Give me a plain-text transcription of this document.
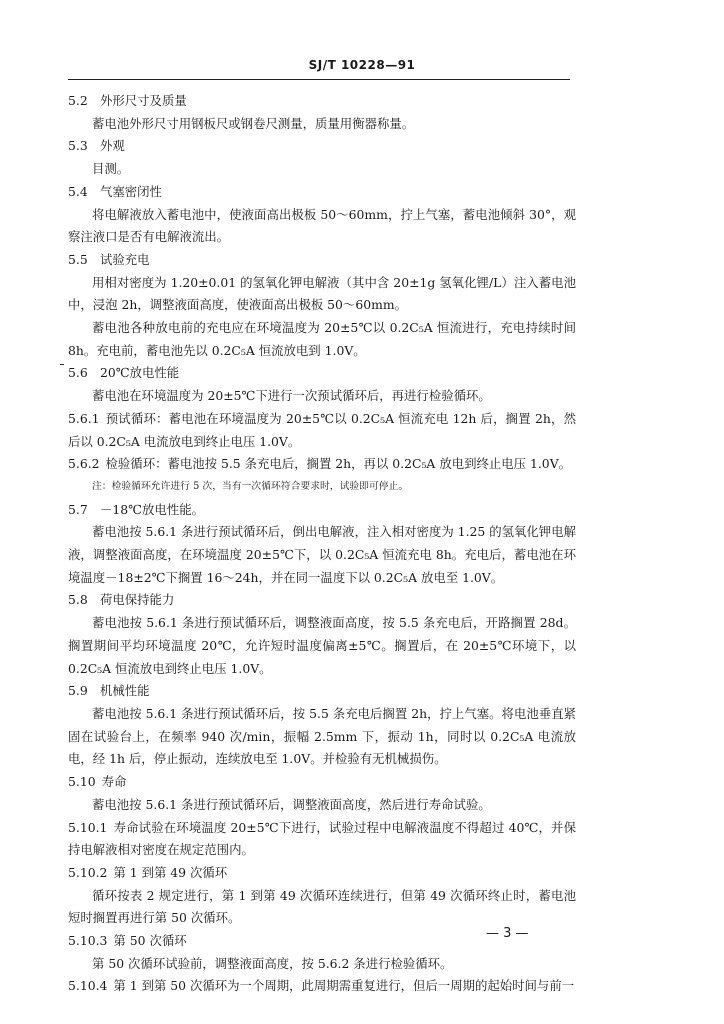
SJ/T 10228—91

5.2 外形尺寸及质量

蓄电池外形尺寸用钢板尺或钢卷尺测量，质量用衡器称量。

5.3 外观

目测。

5.4 气塞密闭性

将电解液放入蓄电池中，使液面高出极板 50～60mm，拧上气塞，蓄电池倾斜 30°，观察注液口是否有电解液流出。

5.5 试验充电

用相对密度为 1.20±0.01 的氢氧化钾电解液（其中含 20±1g 氢氧化锂/L）注入蓄电池中，浸泡 2h，调整液面高度，使液面高出极板 50～60mm。

蓄电池各种放电前的充电应在环境温度为 20±5℃以 0.2C₅A 恒流进行，充电持续时间 8h。充电前，蓄电池先以 0.2C₅A 恒流放电到 1.0V。

5.6 20℃放电性能

蓄电池在环境温度为 20±5℃下进行一次预试循环后，再进行检验循环。

5.6.1 预试循环：蓄电池在环境温度为 20±5℃以 0.2C₅A 恒流充电 12h 后，搁置 2h，然后以 0.2C₅A 电流放电到终止电压 1.0V。

5.6.2 检验循环：蓄电池按 5.5 条充电后，搁置 2h，再以 0.2C₅A 放电到终止电压 1.0V。

注：检验循环允许进行 5 次，当有一次循环符合要求时，试验即可停止。

5.7 －18℃放电性能。

蓄电池按 5.6.1 条进行预试循环后，倒出电解液，注入相对密度为 1.25 的氢氧化钾电解液，调整液面高度，在环境温度 20±5℃下，以 0.2C₅A 恒流充电 8h。充电后，蓄电池在环境温度－18±2℃下搁置 16～24h，并在同一温度下以 0.2C₅A 放电至 1.0V。

5.8 荷电保持能力

蓄电池按 5.6.1 条进行预试循环后，调整液面高度，按 5.5 条充电后，开路搁置 28d。搁置期间平均环境温度 20℃，允许短时温度偏离±5℃。搁置后，在 20±5℃环境下，以 0.2C₅A 恒流放电到终止电压 1.0V。

5.9 机械性能

蓄电池按 5.6.1 条进行预试循环后，按 5.5 条充电后搁置 2h，拧上气塞。将电池垂直紧固在试验台上，在频率 940 次/min，振幅 2.5mm 下，振动 1h，同时以 0.2C₅A 电流放电，经 1h 后，停止振动，连续放电至 1.0V。并检验有无机械损伤。

5.10 寿命

蓄电池按 5.6.1 条进行预试循环后，调整液面高度，然后进行寿命试验。

5.10.1 寿命试验在环境温度 20±5℃下进行，试验过程中电解液温度不得超过 40℃，并保持电解液相对密度在规定范围内。

5.10.2 第 1 到第 49 次循环

循环按表 2 规定进行，第 1 到第 49 次循环连续进行，但第 49 次循环终止时，蓄电池短时搁置再进行第 50 次循环。

5.10.3 第 50 次循环

第 50 次循环试验前，调整液面高度，按 5.6.2 条进行检验循环。

5.10.4 第 1 到第 50 次循环为一个周期，此周期需重复进行，但后一周期的起始时间与前一

— 3 —
